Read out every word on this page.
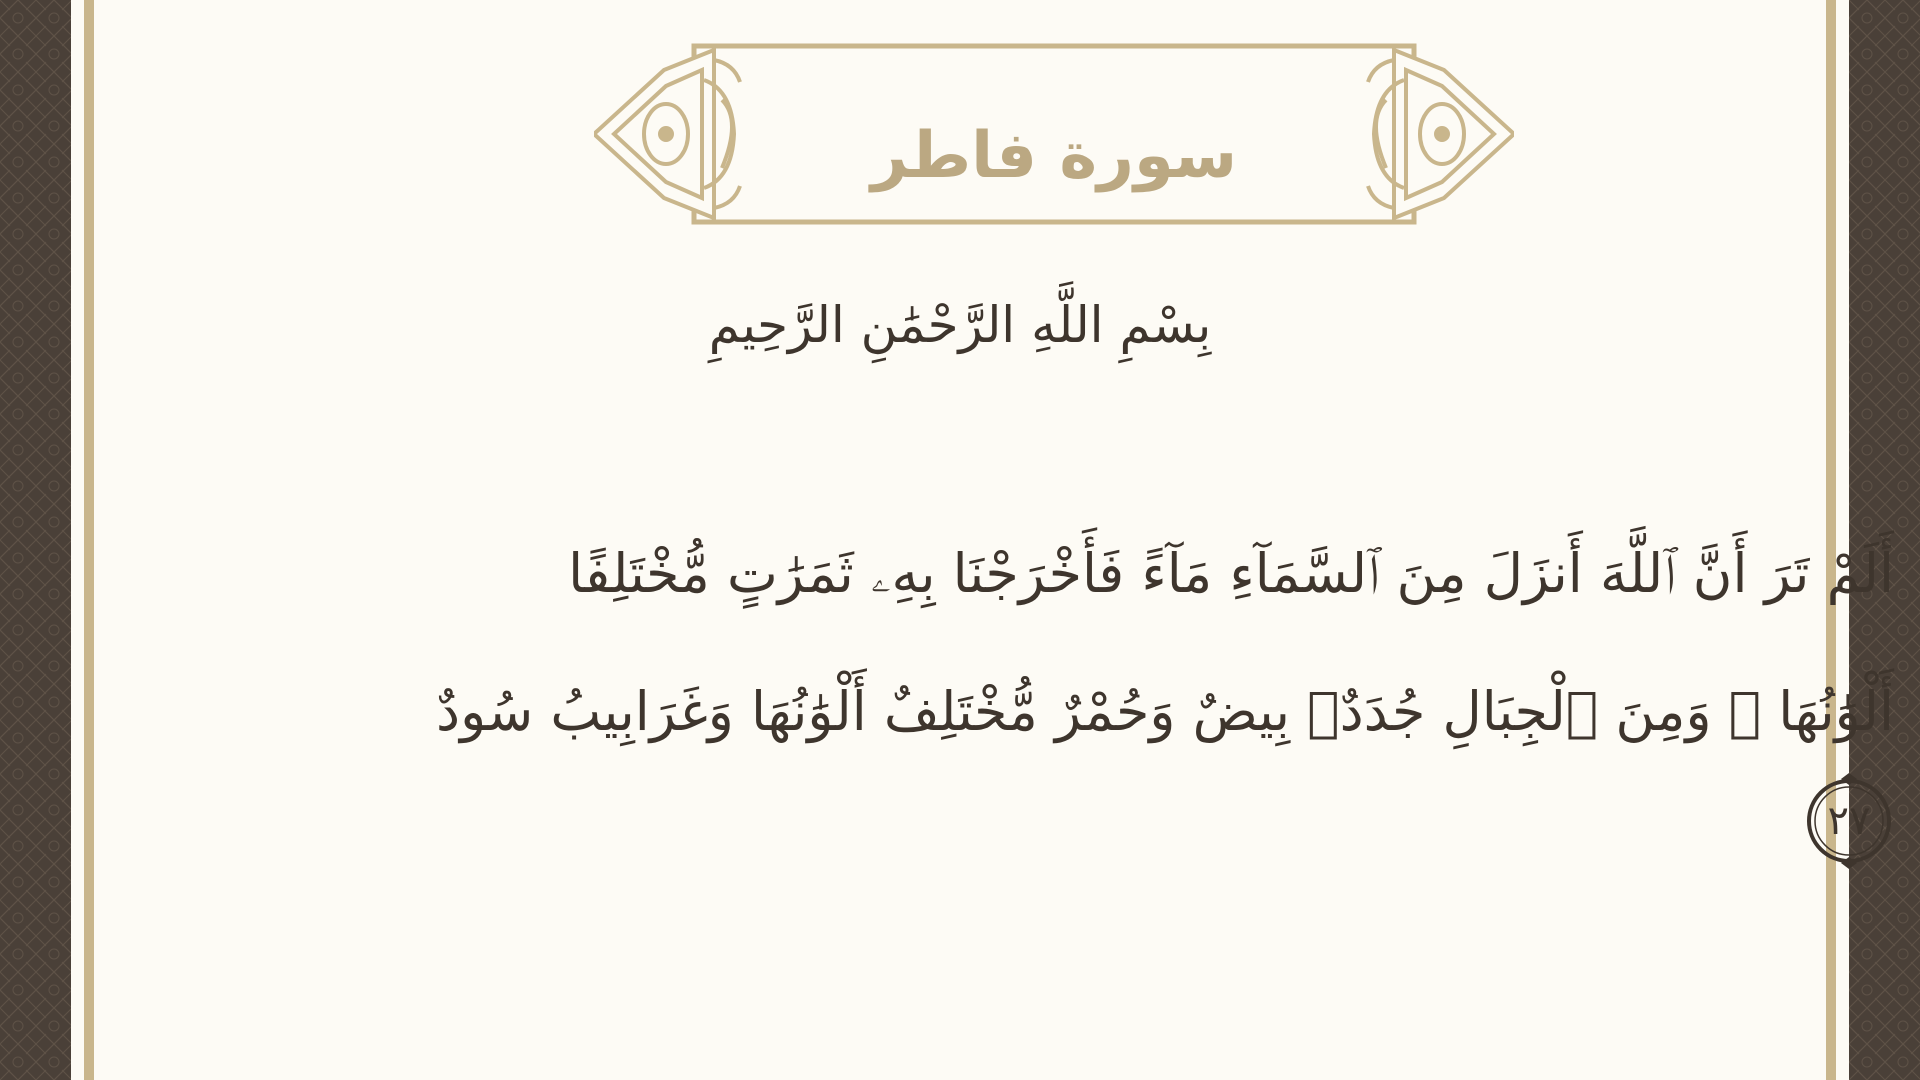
سورة فاطر
بِسْمِ اللَّهِ الرَّحْمَٰنِ الرَّحِيمِ
أَلَمْ تَرَ أَنَّ ٱللَّهَ أَنزَلَ مِنَ ٱلسَّمَآءِ مَآءً فَأَخْرَجْنَا بِهِۦ ثَمَرَٰتٍ مُّخْتَلِفًا
أَلْوَٰنُهَا ۚ وَمِنَ ٱلْجِبَالِ جُدَدٌۢ بِيضٌ وَحُمْرٌ مُّخْتَلِفٌ أَلْوَٰنُهَا وَغَرَابِيبُ سُودٌ
٢٧
